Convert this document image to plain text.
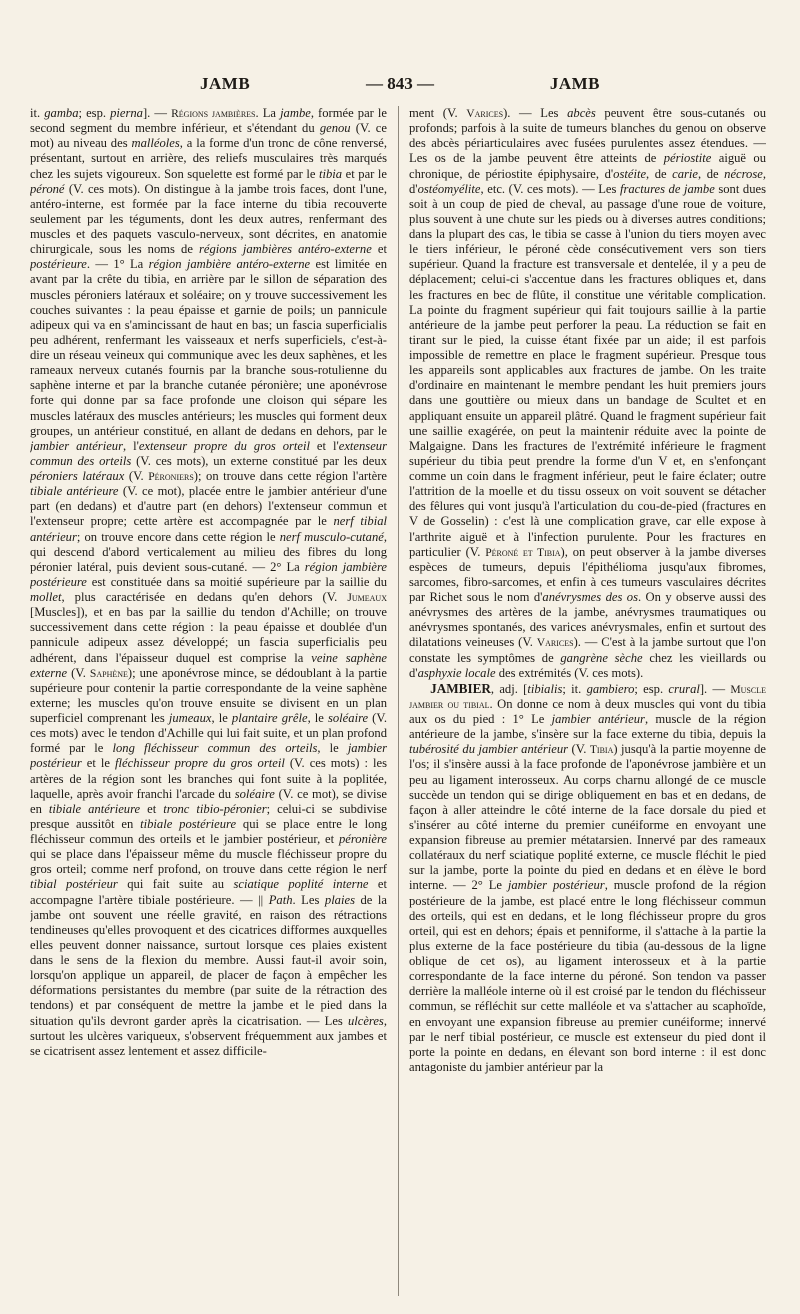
JAMB	— 843 —	JAMB

it. gamba; esp. pierna]. — Régions jambières. La jambe, formée par le second segment du membre inférieur, et s'étendant du genou (V. ce mot) au niveau des malléoles, a la forme d'un tronc de cône renversé, présentant, surtout en arrière, des reliefs musculaires très marqués chez les sujets vigoureux. Son squelette est formé par le tibia et par le péroné (V. ces mots). On distingue à la jambe trois faces, dont l'une, antéro-interne, est formée par la face interne du tibia recouverte seulement par les téguments, dont les deux autres, renfermant des muscles et des paquets vasculo-nerveux, sont décrites, en anatomie chirurgicale, sous les noms de régions jambières antéro-externe et postérieure. — 1° La région jambière antéro-externe est limitée en avant par la crête du tibia, en arrière par le sillon de séparation des muscles péroniers latéraux et soléaire; on y trouve successivement les couches suivantes : la peau épaisse et garnie de poils; un pannicule adipeux qui va en s'amincissant de haut en bas; un fascia superficialis peu adhérent, renfermant les vaisseaux et nerfs superficiels, c'est-à-dire un réseau veineux qui communique avec les deux saphènes, et les rameaux nerveux cutanés fournis par la branche sous-rotulienne du saphène interne et par la branche cutanée péronière; une aponévrose forte qui donne par sa face profonde une cloison qui sépare les muscles latéraux des muscles antérieurs; les muscles qui forment deux groupes, un antérieur constitué, en allant de dedans en dehors, par le jambier antérieur, l'extenseur propre du gros orteil et l'extenseur commun des orteils (V. ces mots), un externe constitué par les deux péroniers latéraux (V. Péroniers); on trouve dans cette région l'artère tibiale antérieure (V. ce mot), placée entre le jambier antérieur d'une part (en dedans) et d'autre part (en dehors) l'extenseur commun et l'extenseur propre; cette artère est accompagnée par le nerf tibial antérieur; on trouve encore dans cette région le nerf musculo-cutané, qui descend d'abord verticalement au milieu des fibres du long péronier latéral, puis devient sous-cutané. — 2° La région jambière postérieure est constituée dans sa moitié supérieure par la saillie du mollet, plus caractérisée en dedans qu'en dehors (V. Jumeaux [Muscles]), et en bas par la saillie du tendon d'Achille; on trouve successivement dans cette région : la peau épaisse et doublée d'un pannicule adipeux assez développé; un fascia superficialis peu adhérent, dans l'épaisseur duquel est comprise la veine saphène externe (V. Saphène); une aponévrose mince, se dédoublant à la partie supérieure pour contenir la partie correspondante de la veine saphène externe; les muscles qu'on trouve ensuite se divisent en un plan superficiel comprenant les jumeaux, le plantaire grêle, le soléaire (V. ces mots) avec le tendon d'Achille qui lui fait suite, et un plan profond formé par le long fléchisseur commun des orteils, le jambier postérieur et le fléchisseur propre du gros orteil (V. ces mots) : les artères de la région sont les branches qui font suite à la poplitée, laquelle, après avoir franchi l'arcade du soléaire (V. ce mot), se divise en tibiale antérieure et tronc tibio-péronier; celui-ci se subdivise presque aussitôt en tibiale postérieure qui se place entre le long fléchisseur commun des orteils et le jambier postérieur, et péronière qui se place dans l'épaisseur même du muscle fléchisseur propre du gros orteil; comme nerf profond, on trouve dans cette région le nerf tibial postérieur qui fait suite au sciatique poplité interne et accompagne l'artère tibiale postérieure. — || Path. Les plaies de la jambe ont souvent une réelle gravité, en raison des rétractions tendineuses qu'elles provoquent et des cicatrices difformes auxquelles elles peuvent donner naissance, surtout lorsque ces plaies existent dans le sens de la flexion du membre. Aussi faut-il avoir soin, lorsqu'on applique un appareil, de placer de façon à empêcher les déformations persistantes du membre (par suite de la rétraction des tendons) et par conséquent de mettre la jambe et le pied dans la situation qu'ils devront garder après la cicatrisation. — Les ulcères, surtout les ulcères variqueux, s'observent fréquemment aux jambes et se cicatrisent assez lentement et assez difficile-

ment (V. Varices). — Les abcès peuvent être sous-cutanés ou profonds; parfois à la suite de tumeurs blanches du genou on observe des abcès périarticulaires avec fusées purulentes assez étendues. — Les os de la jambe peuvent être atteints de périostite aiguë ou chronique, de périostite épiphysaire, d'ostéite, de carie, de nécrose, d'ostéomyélite, etc. (V. ces mots). — Les fractures de jambe sont dues soit à un coup de pied de cheval, au passage d'une roue de voiture, plus souvent à une chute sur les pieds ou à diverses autres conditions; dans la plupart des cas, le tibia se casse à l'union du tiers moyen avec le tiers inférieur, le péroné cède consécutivement vers son tiers supérieur. Quand la fracture est transversale et dentelée, il y a peu de déplacement; celui-ci s'accentue dans les fractures obliques et, dans les fractures en bec de flûte, il constitue une véritable complication. La pointe du fragment supérieur qui fait toujours saillie à la partie antérieure de la jambe peut perforer la peau. La réduction se fait en tirant sur le pied, la cuisse étant fixée par un aide; il est parfois impossible de remettre en place le fragment supérieur. Presque tous les appareils sont applicables aux fractures de jambe. On les traite d'ordinaire en maintenant le membre pendant les huit premiers jours dans une gouttière ou mieux dans un bandage de Scultet et en appliquant ensuite un appareil plâtré. Quand le fragment supérieur fait une saillie exagérée, on peut la maintenir réduite avec la pointe de Malgaigne. Dans les fractures de l'extrémité inférieure le fragment supérieur du tibia peut prendre la forme d'un V et, en s'enfonçant comme un coin dans le fragment inférieur, peut le faire éclater; outre l'attrition de la moelle et du tissu osseux on voit souvent se détacher des fêlures qui vont jusqu'à l'articulation du cou-de-pied (fractures en V de Gosselin) : c'est là une complication grave, car elle expose à l'arthrite aiguë et à l'infection purulente. Pour les fractures en particulier (V. Péroné et Tibia), on peut observer à la jambe diverses espèces de tumeurs, depuis l'épithélioma jusqu'aux fibromes, sarcomes, fibro-sarcomes, et enfin à ces tumeurs vasculaires décrites par Richet sous le nom d'anévrysmes des os. On y observe aussi des anévrysmes des artères de la jambe, anévrysmes traumatiques ou anévrysmes spontanés, des varices anévrysmales, enfin et surtout des dilatations veineuses (V. Varices). — C'est à la jambe surtout que l'on constate les symptômes de gangrène sèche chez les vieillards ou d'asphyxie locale des extrémités (V. ces mots).

JAMBIER, adj. [tibialis; it. gambiero; esp. crural]. — Muscle jambier ou tibial. On donne ce nom à deux muscles qui vont du tibia aux os du pied : 1° Le jambier antérieur, muscle de la région antérieure de la jambe, s'insère sur la face externe du tibia, depuis la tubérosité du jambier antérieur (V. Tibia) jusqu'à la partie moyenne de l'os; il s'insère aussi à la face profonde de l'aponévrose jambière et un peu au ligament interosseux. Au corps charnu allongé de ce muscle succède un tendon qui se dirige obliquement en bas et en dedans, de façon à aller atteindre le côté interne de la face dorsale du pied et s'insérer au côté interne du premier cunéiforme en envoyant une expansion fibreuse au premier métatarsien. Innervé par des rameaux collatéraux du nerf sciatique poplité externe, ce muscle fléchit le pied sur la jambe, porte la pointe du pied en dedans et en élève le bord interne. — 2° Le jambier postérieur, muscle profond de la région postérieure de la jambe, est placé entre le long fléchisseur commun des orteils, qui est en dedans, et le long fléchisseur propre du gros orteil, qui est en dehors; épais et penniforme, il s'attache à la partie la plus externe de la face postérieure du tibia (au-dessous de la ligne oblique de cet os), au ligament interosseux et à la partie correspondante de la face interne du péroné. Son tendon va passer derrière la malléole interne où il est croisé par le tendon du fléchisseur commun, se réfléchit sur cette malléole et va s'attacher au scaphoïde, en envoyant une expansion fibreuse au premier cunéiforme; innervé par le nerf tibial postérieur, ce muscle est extenseur du pied dont il porte la pointe en dedans, en élevant son bord interne : il est donc antagoniste du jambier antérieur par la
